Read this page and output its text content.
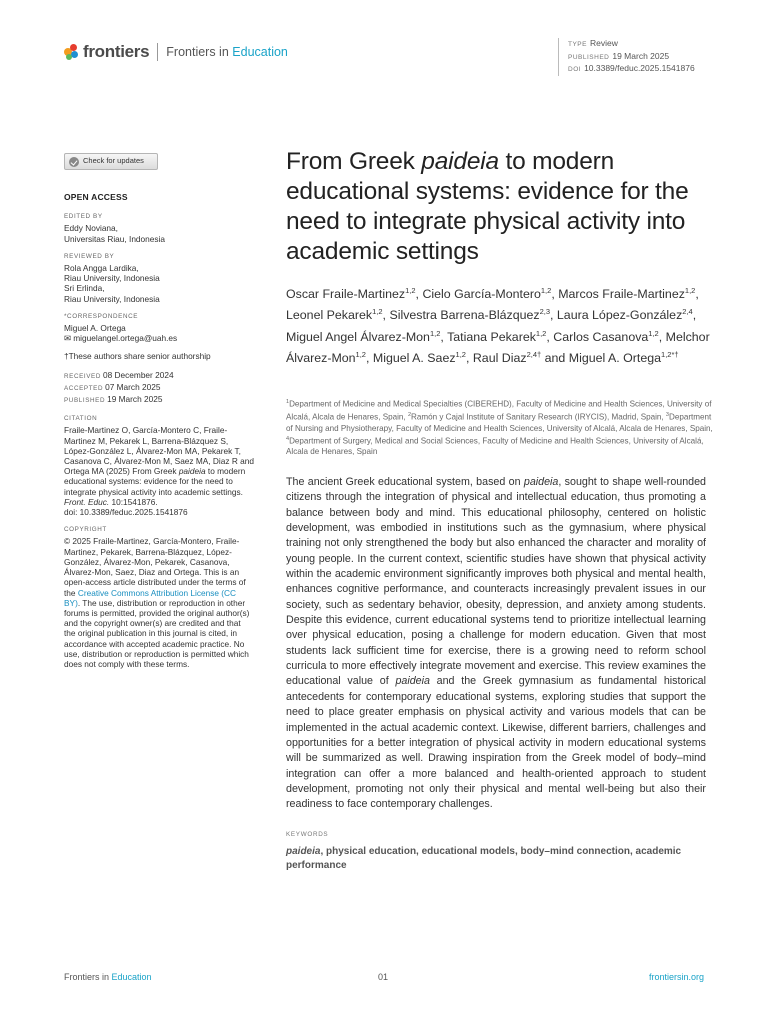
frontiers Frontiers in Education
TYPE Review
PUBLISHED 19 March 2025
DOI 10.3389/feduc.2025.1541876
Check for updates
OPEN ACCESS
EDITED BY
Eddy Noviana,
Universitas Riau, Indonesia
REVIEWED BY
Rola Angga Lardika,
Riau University, Indonesia
Sri Erlinda,
Riau University, Indonesia
*CORRESPONDENCE
Miguel A. Ortega
✉ miguelangel.ortega@uah.es
†These authors share senior authorship
RECEIVED 08 December 2024
ACCEPTED 07 March 2025
PUBLISHED 19 March 2025
CITATION
Fraile-Martinez O, García-Montero C, Fraile-Martinez M, Pekarek L, Barrena-Blázquez S, López-González L, Álvarez-Mon MA, Pekarek T, Casanova C, Álvarez-Mon M, Saez MA, Diaz R and Ortega MA (2025) From Greek paideia to modern educational systems: evidence for the need to integrate physical activity into academic settings.
Front. Educ. 10:1541876.
doi: 10.3389/feduc.2025.1541876
COPYRIGHT
© 2025 Fraile-Martinez, García-Montero, Fraile-Martinez, Pekarek, Barrena-Blázquez, López-González, Álvarez-Mon, Pekarek, Casanova, Álvarez-Mon, Saez, Diaz and Ortega. This is an open-access article distributed under the terms of the Creative Commons Attribution License (CC BY). The use, distribution or reproduction in other forums is permitted, provided the original author(s) and the copyright owner(s) are credited and that the original publication in this journal is cited, in accordance with accepted academic practice. No use, distribution or reproduction is permitted which does not comply with these terms.
From Greek paideia to modern educational systems: evidence for the need to integrate physical activity into academic settings
Oscar Fraile-Martinez$^{1,2}$, Cielo García-Montero$^{1,2}$, Marcos Fraile-Martinez$^{1,2}$, Leonel Pekarek$^{1,2}$, Silvestra Barrena-Blázquez$^{2,3}$, Laura López-González$^{2,4}$, Miguel Angel Álvarez-Mon$^{1,2}$, Tatiana Pekarek$^{1,2}$, Carlos Casanova$^{1,2}$, Melchor Álvarez-Mon$^{1,2}$, Miguel A. Saez$^{1,2}$, Raul Diaz$^{2,4\dagger}$ and Miguel A. Ortega$^{1,2*\dagger}$
$^1$Department of Medicine and Medical Specialties (CIBEREHD), Faculty of Medicine and Health Sciences, University of Alcalá, Alcala de Henares, Spain, $^2$Ramón y Cajal Institute of Sanitary Research (IRYCIS), Madrid, Spain, $^3$Department of Nursing and Physiotherapy, Faculty of Medicine and Health Sciences, University of Alcalá, Alcala de Henares, Spain, $^4$Department of Surgery, Medical and Social Sciences, Faculty of Medicine and Health Sciences, University of Alcalá, Alcala de Henares, Spain
The ancient Greek educational system, based on paideia, sought to shape well-rounded citizens through the integration of physical and intellectual education, thus promoting a balance between body and mind. This educational philosophy, centered on holistic development, was embodied in institutions such as the gymnasium, where physical training not only strengthened the body but also enhanced the character and morality of young people. In the current context, scientific studies have shown that physical activity within the academic environment significantly improves both physical and mental health, enhances cognitive performance, and counteracts increasingly prevalent issues in our society, such as sedentary behavior, obesity, depression, and anxiety among students. Despite this evidence, current educational systems tend to prioritize intellectual learning over physical education, posing a challenge for modern education. Given that most students lack sufficient time for exercise, there is a growing need to reform school curricula to more effectively integrate movement and exercise. This review examines the educational value of paideia and the Greek gymnasium as fundamental historical antecedents for contemporary educational systems, exploring studies that support the need to place greater emphasis on physical activity and various models that can be implemented in the actual academic context. Likewise, different barriers, challenges and opportunities for a better integration of physical activity in modern educational systems will be summarized as well. Drawing inspiration from the Greek model of body–mind integration can offer a more balanced and health-oriented approach to student development, promoting not only their physical and mental well-being but also their readiness to face contemporary challenges.
KEYWORDS
paideia, physical education, educational models, body–mind connection, academic performance
Frontiers in Education	01	frontiersin.org
